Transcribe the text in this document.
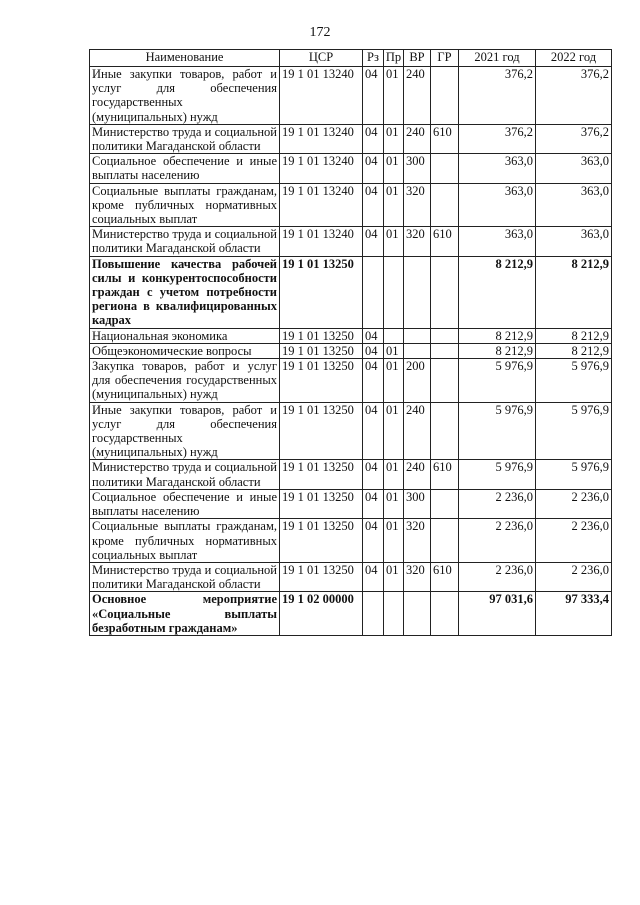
172
Наименование	ЦСР	Рз	Пр	ВР	ГР	2021 год	2022 год
Иные закупки товаров, работ и услуг для обеспечения государственных (муниципальных) нужд	19 1 01 13240	04	01	240		376,2	376,2
Министерство труда и социальной политики Магаданской области	19 1 01 13240	04	01	240	610	376,2	376,2
Социальное обеспечение и иные выплаты населению	19 1 01 13240	04	01	300		363,0	363,0
Социальные выплаты гражданам, кроме публичных нормативных социальных выплат	19 1 01 13240	04	01	320		363,0	363,0
Министерство труда и социальной политики Магаданской области	19 1 01 13240	04	01	320	610	363,0	363,0
Повышение качества рабочей силы и конкурентоспособности граждан с учетом потребности региона в квалифицированных кадрах	19 1 01 13250					8 212,9	8 212,9
Национальная экономика	19 1 01 13250	04				8 212,9	8 212,9
Общеэкономические вопросы	19 1 01 13250	04	01			8 212,9	8 212,9
Закупка товаров, работ и услуг для обеспечения государственных (муниципальных) нужд	19 1 01 13250	04	01	200		5 976,9	5 976,9
Иные закупки товаров, работ и услуг для обеспечения государственных (муниципальных) нужд	19 1 01 13250	04	01	240		5 976,9	5 976,9
Министерство труда и социальной политики Магаданской области	19 1 01 13250	04	01	240	610	5 976,9	5 976,9
Социальное обеспечение и иные выплаты населению	19 1 01 13250	04	01	300		2 236,0	2 236,0
Социальные выплаты гражданам, кроме публичных нормативных социальных выплат	19 1 01 13250	04	01	320		2 236,0	2 236,0
Министерство труда и социальной политики Магаданской области	19 1 01 13250	04	01	320	610	2 236,0	2 236,0
Основное мероприятие «Социальные выплаты безработным гражданам»	19 1 02 00000					97 031,6	97 333,4
